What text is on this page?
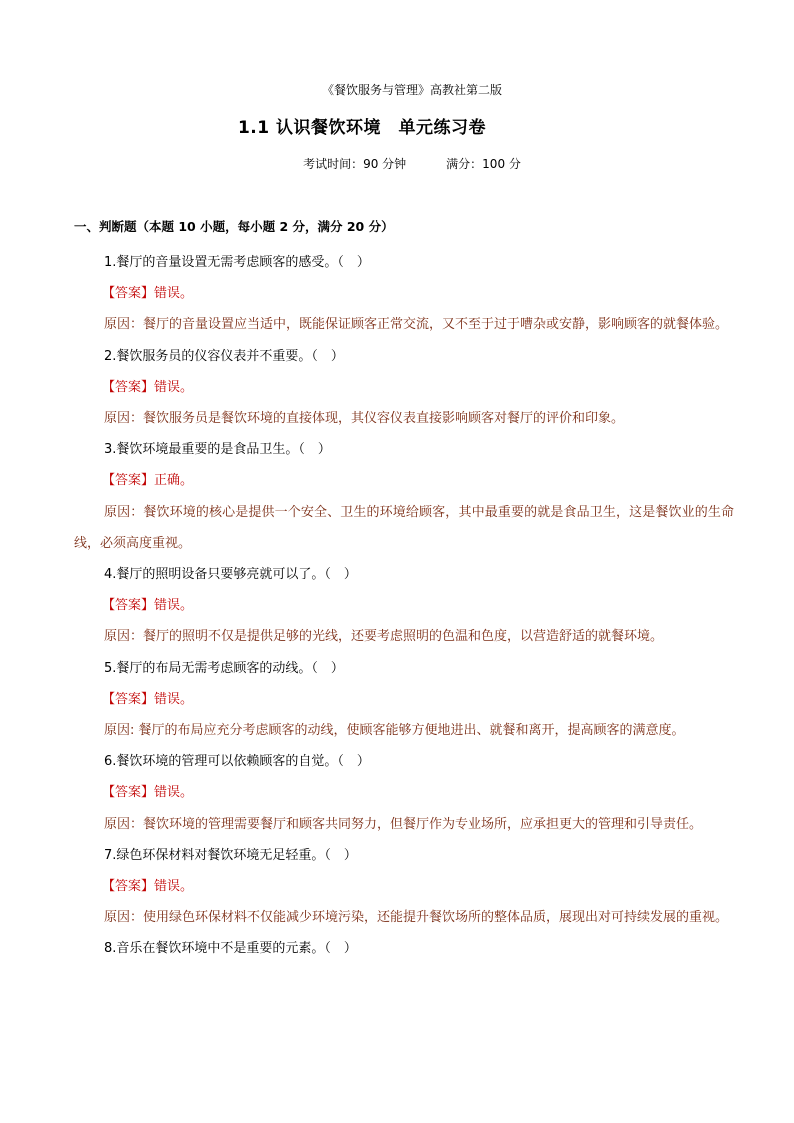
《餐饮服务与管理》高教社第二版
1.1 认识餐饮环境　单元练习卷
考试时间：90 分钟	满分：100 分
一、判断题（本题 10 小题，每小题 2 分，满分 20 分）
1.餐厅的音量设置无需考虑顾客的感受。（　）
【答案】错误。
原因：餐厅的音量设置应当适中，既能保证顾客正常交流，又不至于过于嘈杂或安静，影响顾客的就餐体验。
2.餐饮服务员的仪容仪表并不重要。（　）
【答案】错误。
原因：餐饮服务员是餐饮环境的直接体现，其仪容仪表直接影响顾客对餐厅的评价和印象。
3.餐饮环境最重要的是食品卫生。（　）
【答案】正确。
原因：餐饮环境的核心是提供一个安全、卫生的环境给顾客，其中最重要的就是食品卫生，这是餐饮业的生命线，必须高度重视。
4.餐厅的照明设备只要够亮就可以了。（　）
【答案】错误。
原因：餐厅的照明不仅是提供足够的光线，还要考虑照明的色温和色度，以营造舒适的就餐环境。
5.餐厅的布局无需考虑顾客的动线。（　）
【答案】错误。
原因: 餐厅的布局应充分考虑顾客的动线，使顾客能够方便地进出、就餐和离开，提高顾客的满意度。
6.餐饮环境的管理可以依赖顾客的自觉。（　）
【答案】错误。
原因：餐饮环境的管理需要餐厅和顾客共同努力，但餐厅作为专业场所，应承担更大的管理和引导责任。
7.绿色环保材料对餐饮环境无足轻重。（　）
【答案】错误。
原因：使用绿色环保材料不仅能减少环境污染，还能提升餐饮场所的整体品质，展现出对可持续发展的重视。
8.音乐在餐饮环境中不是重要的元素。（　）
